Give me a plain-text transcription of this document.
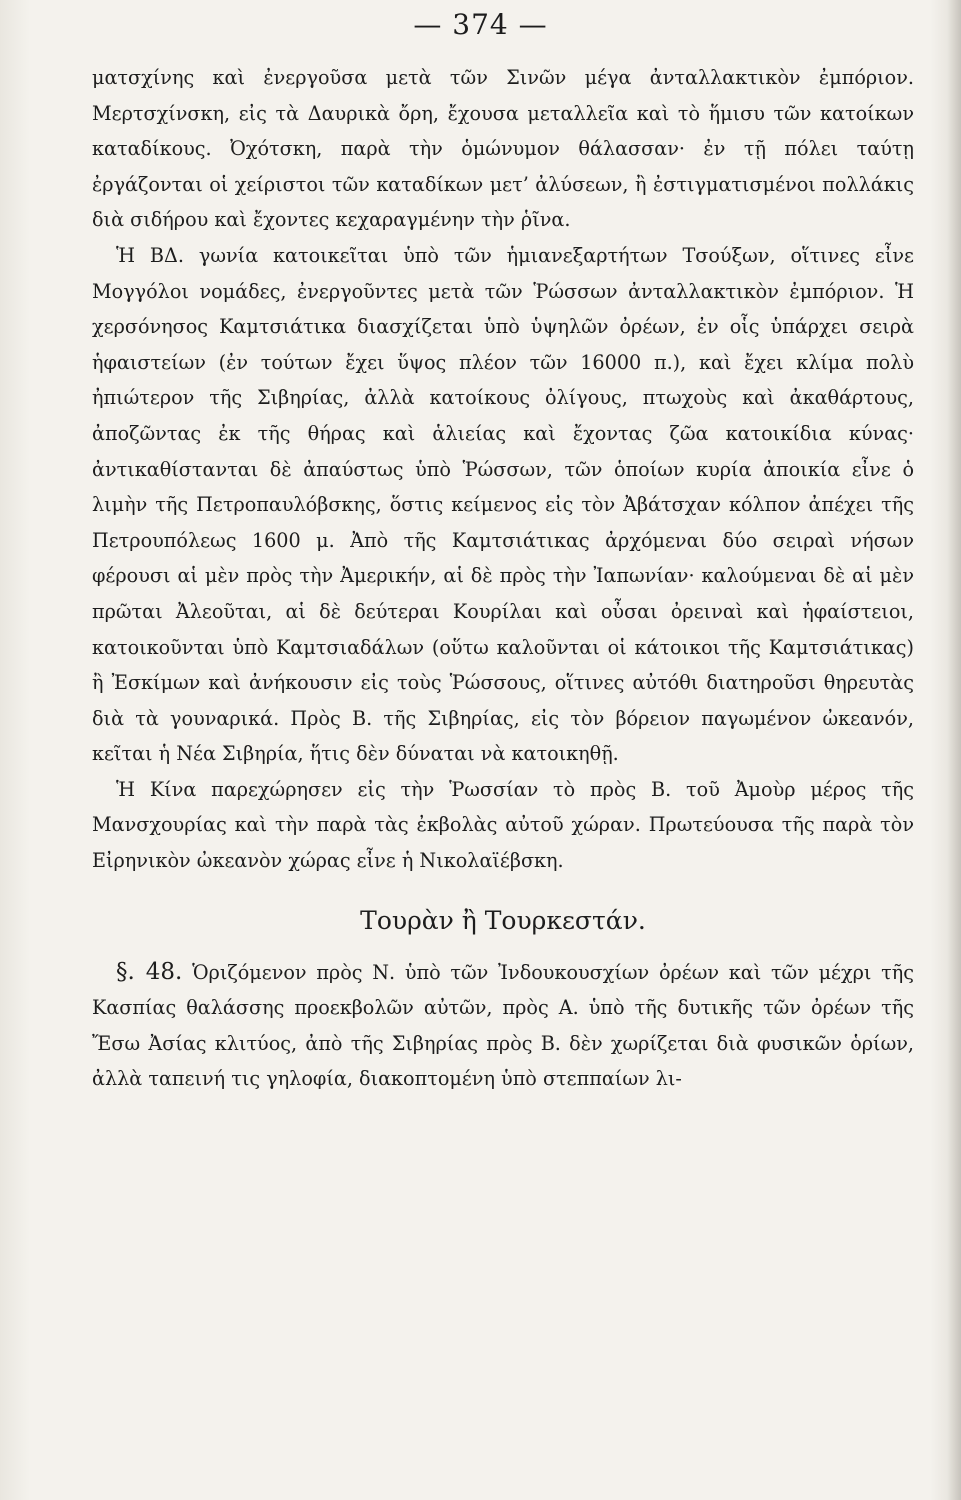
— 374 —

ματσχίνης καὶ ἐνεργοῦσα μετὰ τῶν Σινῶν μέγα ἀνταλλακτικὸν ἐμπόριον. Μερτσχίνσκη, εἰς τὰ Δαυρικὰ ὄρη, ἔχουσα μεταλλεῖα καὶ τὸ ἥμισυ τῶν κατοίκων καταδίκους. Ὀχότσκη, παρὰ τὴν ὁμώνυμον θάλασσαν· ἐν τῇ πόλει ταύτῃ ἐργάζονται οἱ χείριστοι τῶν καταδίκων μετ’ ἀλύσεων, ἢ ἐστιγματισμένοι πολλάκις διὰ σιδήρου καὶ ἔχοντες κεχαραγμένην τὴν ῥῖνα.

Ἡ ΒΔ. γωνία κατοικεῖται ὑπὸ τῶν ἡμιανεξαρτήτων Τσούξων, οἵτινες εἶνε Μογγόλοι νομάδες, ἐνεργοῦντες μετὰ τῶν Ῥώσσων ἀνταλλακτικὸν ἐμπόριον. Ἡ χερσόνησος Καμτσιάτικα διασχίζεται ὑπὸ ὑψηλῶν ὀρέων, ἐν οἷς ὑπάρχει σειρὰ ἡφαιστείων (ἐν τούτων ἔχει ὕψος πλέον τῶν 16000 π.), καὶ ἔχει κλίμα πολὺ ἠπιώτερον τῆς Σιβηρίας, ἀλλὰ κατοίκους ὀλίγους, πτωχοὺς καὶ ἀκαθάρτους, ἀποζῶντας ἐκ τῆς θήρας καὶ ἁλιείας καὶ ἔχοντας ζῶα κατοικίδια κύνας· ἀντικαθίστανται δὲ ἀπαύστως ὑπὸ Ῥώσσων, τῶν ὁποίων κυρία ἀποικία εἶνε ὁ λιμὴν τῆς Πετροπαυλόβσκης, ὅστις κείμενος εἰς τὸν Ἀβάτσχαν κόλπον ἀπέχει τῆς Πετρουπόλεως 1600 μ. Ἀπὸ τῆς Καμτσιάτικας ἀρχόμεναι δύο σειραὶ νήσων φέρουσι αἱ μὲν πρὸς τὴν Ἀμερικήν, αἱ δὲ πρὸς τὴν Ἰαπωνίαν· καλούμεναι δὲ αἱ μὲν πρῶται Ἀλεοῦται, αἱ δὲ δεύτεραι Κουρίλαι καὶ οὖσαι ὀρειναὶ καὶ ἡφαίστειοι, κατοικοῦνται ὑπὸ Καμτσιαδάλων (οὕτω καλοῦνται οἱ κάτοικοι τῆς Καμτσιάτικας) ἢ Ἐσκίμων καὶ ἀνήκουσιν εἰς τοὺς Ῥώσσους, οἵτινες αὐτόθι διατηροῦσι θηρευτὰς διὰ τὰ γουναρικά. Πρὸς Β. τῆς Σιβηρίας, εἰς τὸν βόρειον παγωμένον ὠκεανόν, κεῖται ἡ Νέα Σιβηρία, ἥτις δὲν δύναται νὰ κατοικηθῇ.

Ἡ Κίνα παρεχώρησεν εἰς τὴν Ῥωσσίαν τὸ πρὸς Β. τοῦ Ἀμοὺρ μέρος τῆς Μανσχουρίας καὶ τὴν παρὰ τὰς ἐκβολὰς αὐτοῦ χώραν. Πρωτεύουσα τῆς παρὰ τὸν Εἰρηνικὸν ὠκεανὸν χώρας εἶνε ἡ Νικολαϊέβσκη.

Τουρὰν ἢ Τουρκεστάν.

§. 48. Ὁριζόμενον πρὸς Ν. ὑπὸ τῶν Ἰνδουκουσχίων ὀρέων καὶ τῶν μέχρι τῆς Κασπίας θαλάσσης προεκβολῶν αὐτῶν, πρὸς Α. ὑπὸ τῆς δυτικῆς τῶν ὀρέων τῆς Ἔσω Ἀσίας κλιτύος, ἀπὸ τῆς Σιβηρίας πρὸς Β. δὲν χωρίζεται διὰ φυσικῶν ὁρίων, ἀλλὰ ταπεινή τις γηλοφία, διακοπτομένη ὑπὸ στεππαίων λι-
